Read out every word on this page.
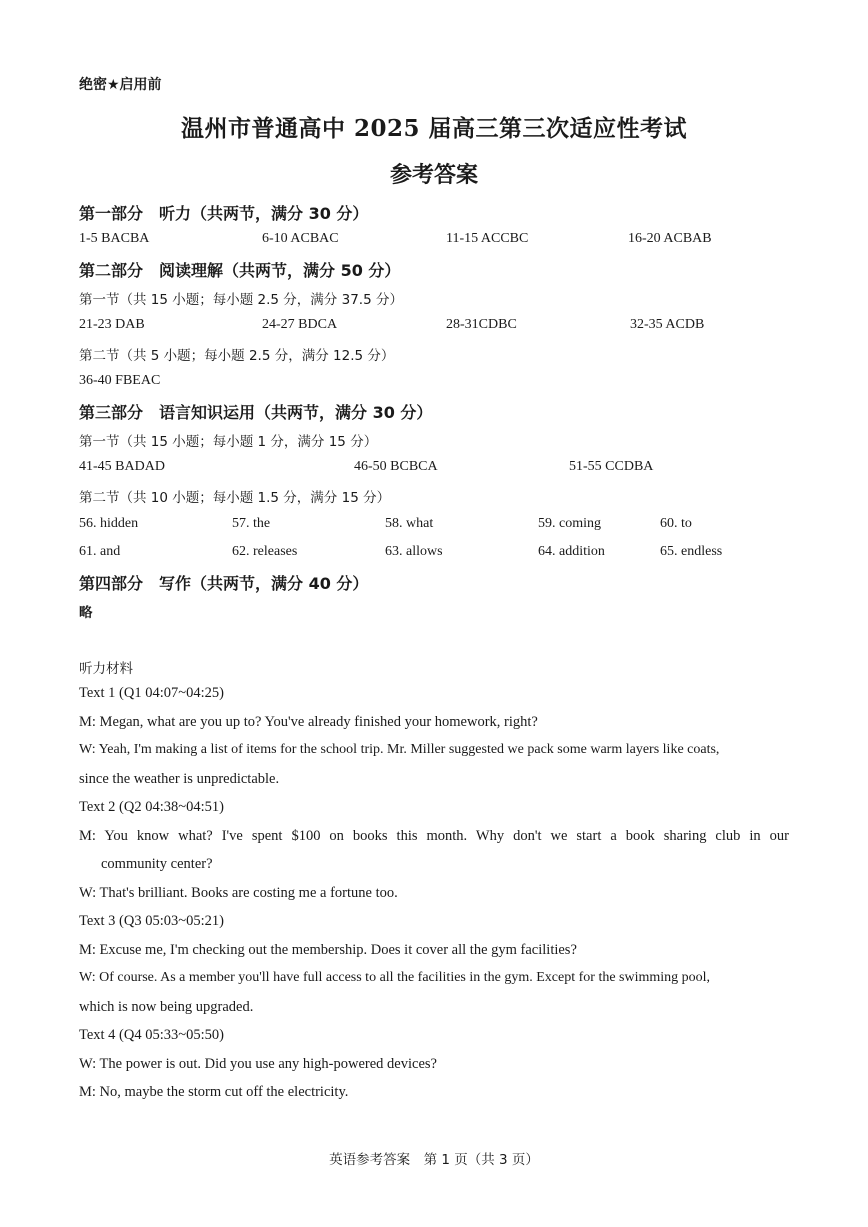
绝密★启用前
温州市普通高中 2025 届高三第三次适应性考试
参考答案
第一部分　听力（共两节，满分 30 分）
1-5 BACBA	6-10 ACBAC	11-15 ACCBC	16-20 ACBAB
第二部分　阅读理解（共两节，满分 50 分）
第一节（共 15 小题；每小题 2.5 分，满分 37.5 分）
21-23 DAB	24-27 BDCA	28-31CDBC	32-35 ACDB
第二节（共 5 小题；每小题 2.5 分，满分 12.5 分）
36-40 FBEAC
第三部分　语言知识运用（共两节，满分 30 分）
第一节（共 15 小题；每小题 1 分，满分 15 分）
41-45 BADAD	46-50 BCBCA	51-55 CCDBA
第二节（共 10 小题；每小题 1.5 分，满分 15 分）
56. hidden	57. the	58. what	59. coming	60. to
61. and	62. releases	63. allows	64. addition	65. endless
第四部分　写作（共两节，满分 40 分）
略
听力材料
Text 1 (Q1 04:07~04:25)
M: Megan, what are you up to? You've already finished your homework, right?
W: Yeah, I'm making a list of items for the school trip. Mr. Miller suggested we pack some warm layers like coats,
since the weather is unpredictable.
Text 2 (Q2 04:38~04:51)
M: You know what? I've spent $100 on books this month. Why don't we start a book sharing club in our
community center?
W: That's brilliant. Books are costing me a fortune too.
Text 3 (Q3 05:03~05:21)
M: Excuse me, I'm checking out the membership. Does it cover all the gym facilities?
W: Of course. As a member you'll have full access to all the facilities in the gym. Except for the swimming pool,
which is now being upgraded.
Text 4 (Q4 05:33~05:50)
W: The power is out. Did you use any high-powered devices?
M: No, maybe the storm cut off the electricity.
英语参考答案　第 1 页（共 3 页）
